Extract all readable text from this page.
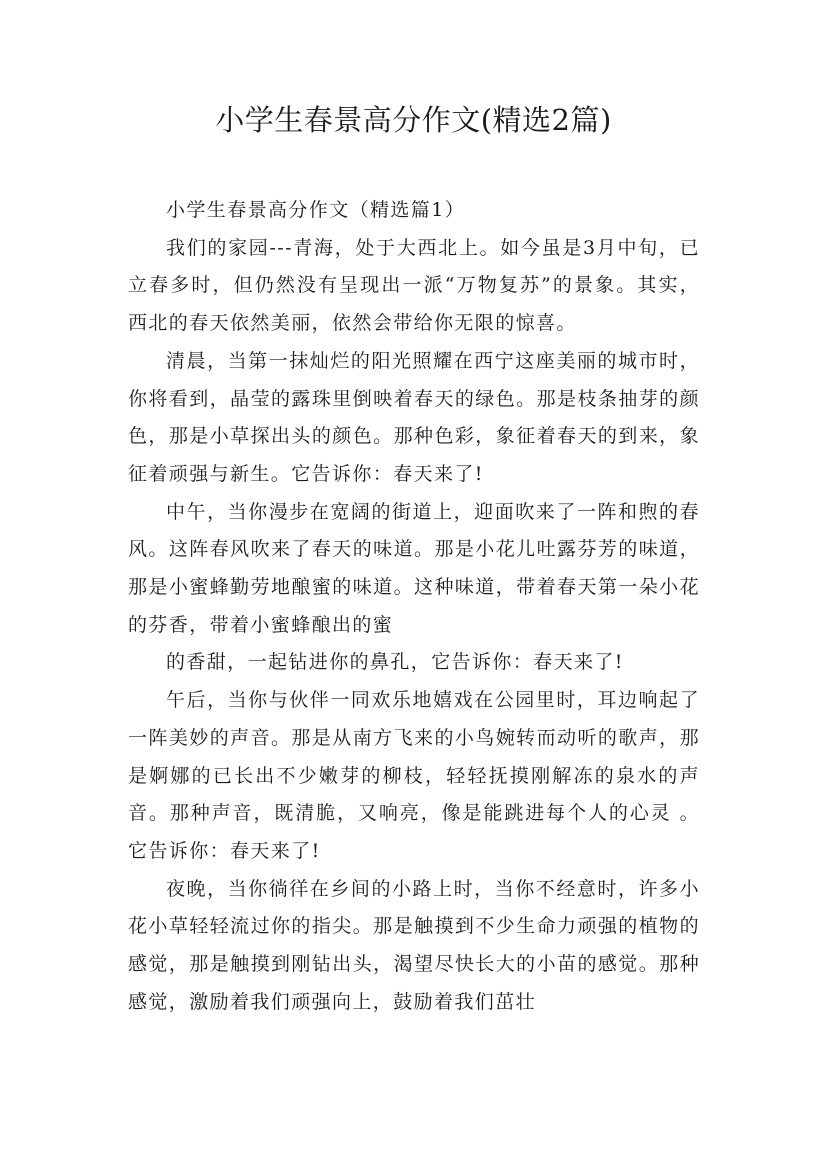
小学生春景高分作文(精选2篇)

小学生春景高分作文（精选篇1）

我们的家园---青海，处于大西北上。如今虽是3月中旬，已立春多时，但仍然没有呈现出一派“万物复苏”的景象。其实，西北的春天依然美丽，依然会带给你无限的惊喜。

清晨，当第一抹灿烂的阳光照耀在西宁这座美丽的城市时，你将看到，晶莹的露珠里倒映着春天的绿色。那是枝条抽芽的颜色，那是小草探出头的颜色。那种色彩，象征着春天的到来，象征着顽强与新生。它告诉你：春天来了!

中午，当你漫步在宽阔的街道上，迎面吹来了一阵和煦的春风。这阵春风吹来了春天的味道。那是小花儿吐露芬芳的味道，那是小蜜蜂勤劳地酿蜜的味道。这种味道，带着春天第一朵小花的芬香，带着小蜜蜂酿出的蜜

的香甜，一起钻进你的鼻孔，它告诉你：春天来了!

午后，当你与伙伴一同欢乐地嬉戏在公园里时，耳边响起了一阵美妙的声音。那是从南方飞来的小鸟婉转而动听的歌声，那是婀娜的已长出不少嫩芽的柳枝，轻轻抚摸刚解冻的泉水的声音。那种声音，既清脆，又响亮，像是能跳进每个人的心灵 。它告诉你：春天来了!

夜晚，当你徜徉在乡间的小路上时，当你不经意时，许多小花小草轻轻流过你的指尖。那是触摸到不少生命力顽强的植物的感觉，那是触摸到刚钻出头，渴望尽快长大的小苗的感觉。那种感觉，激励着我们顽强向上，鼓励着我们茁壮
